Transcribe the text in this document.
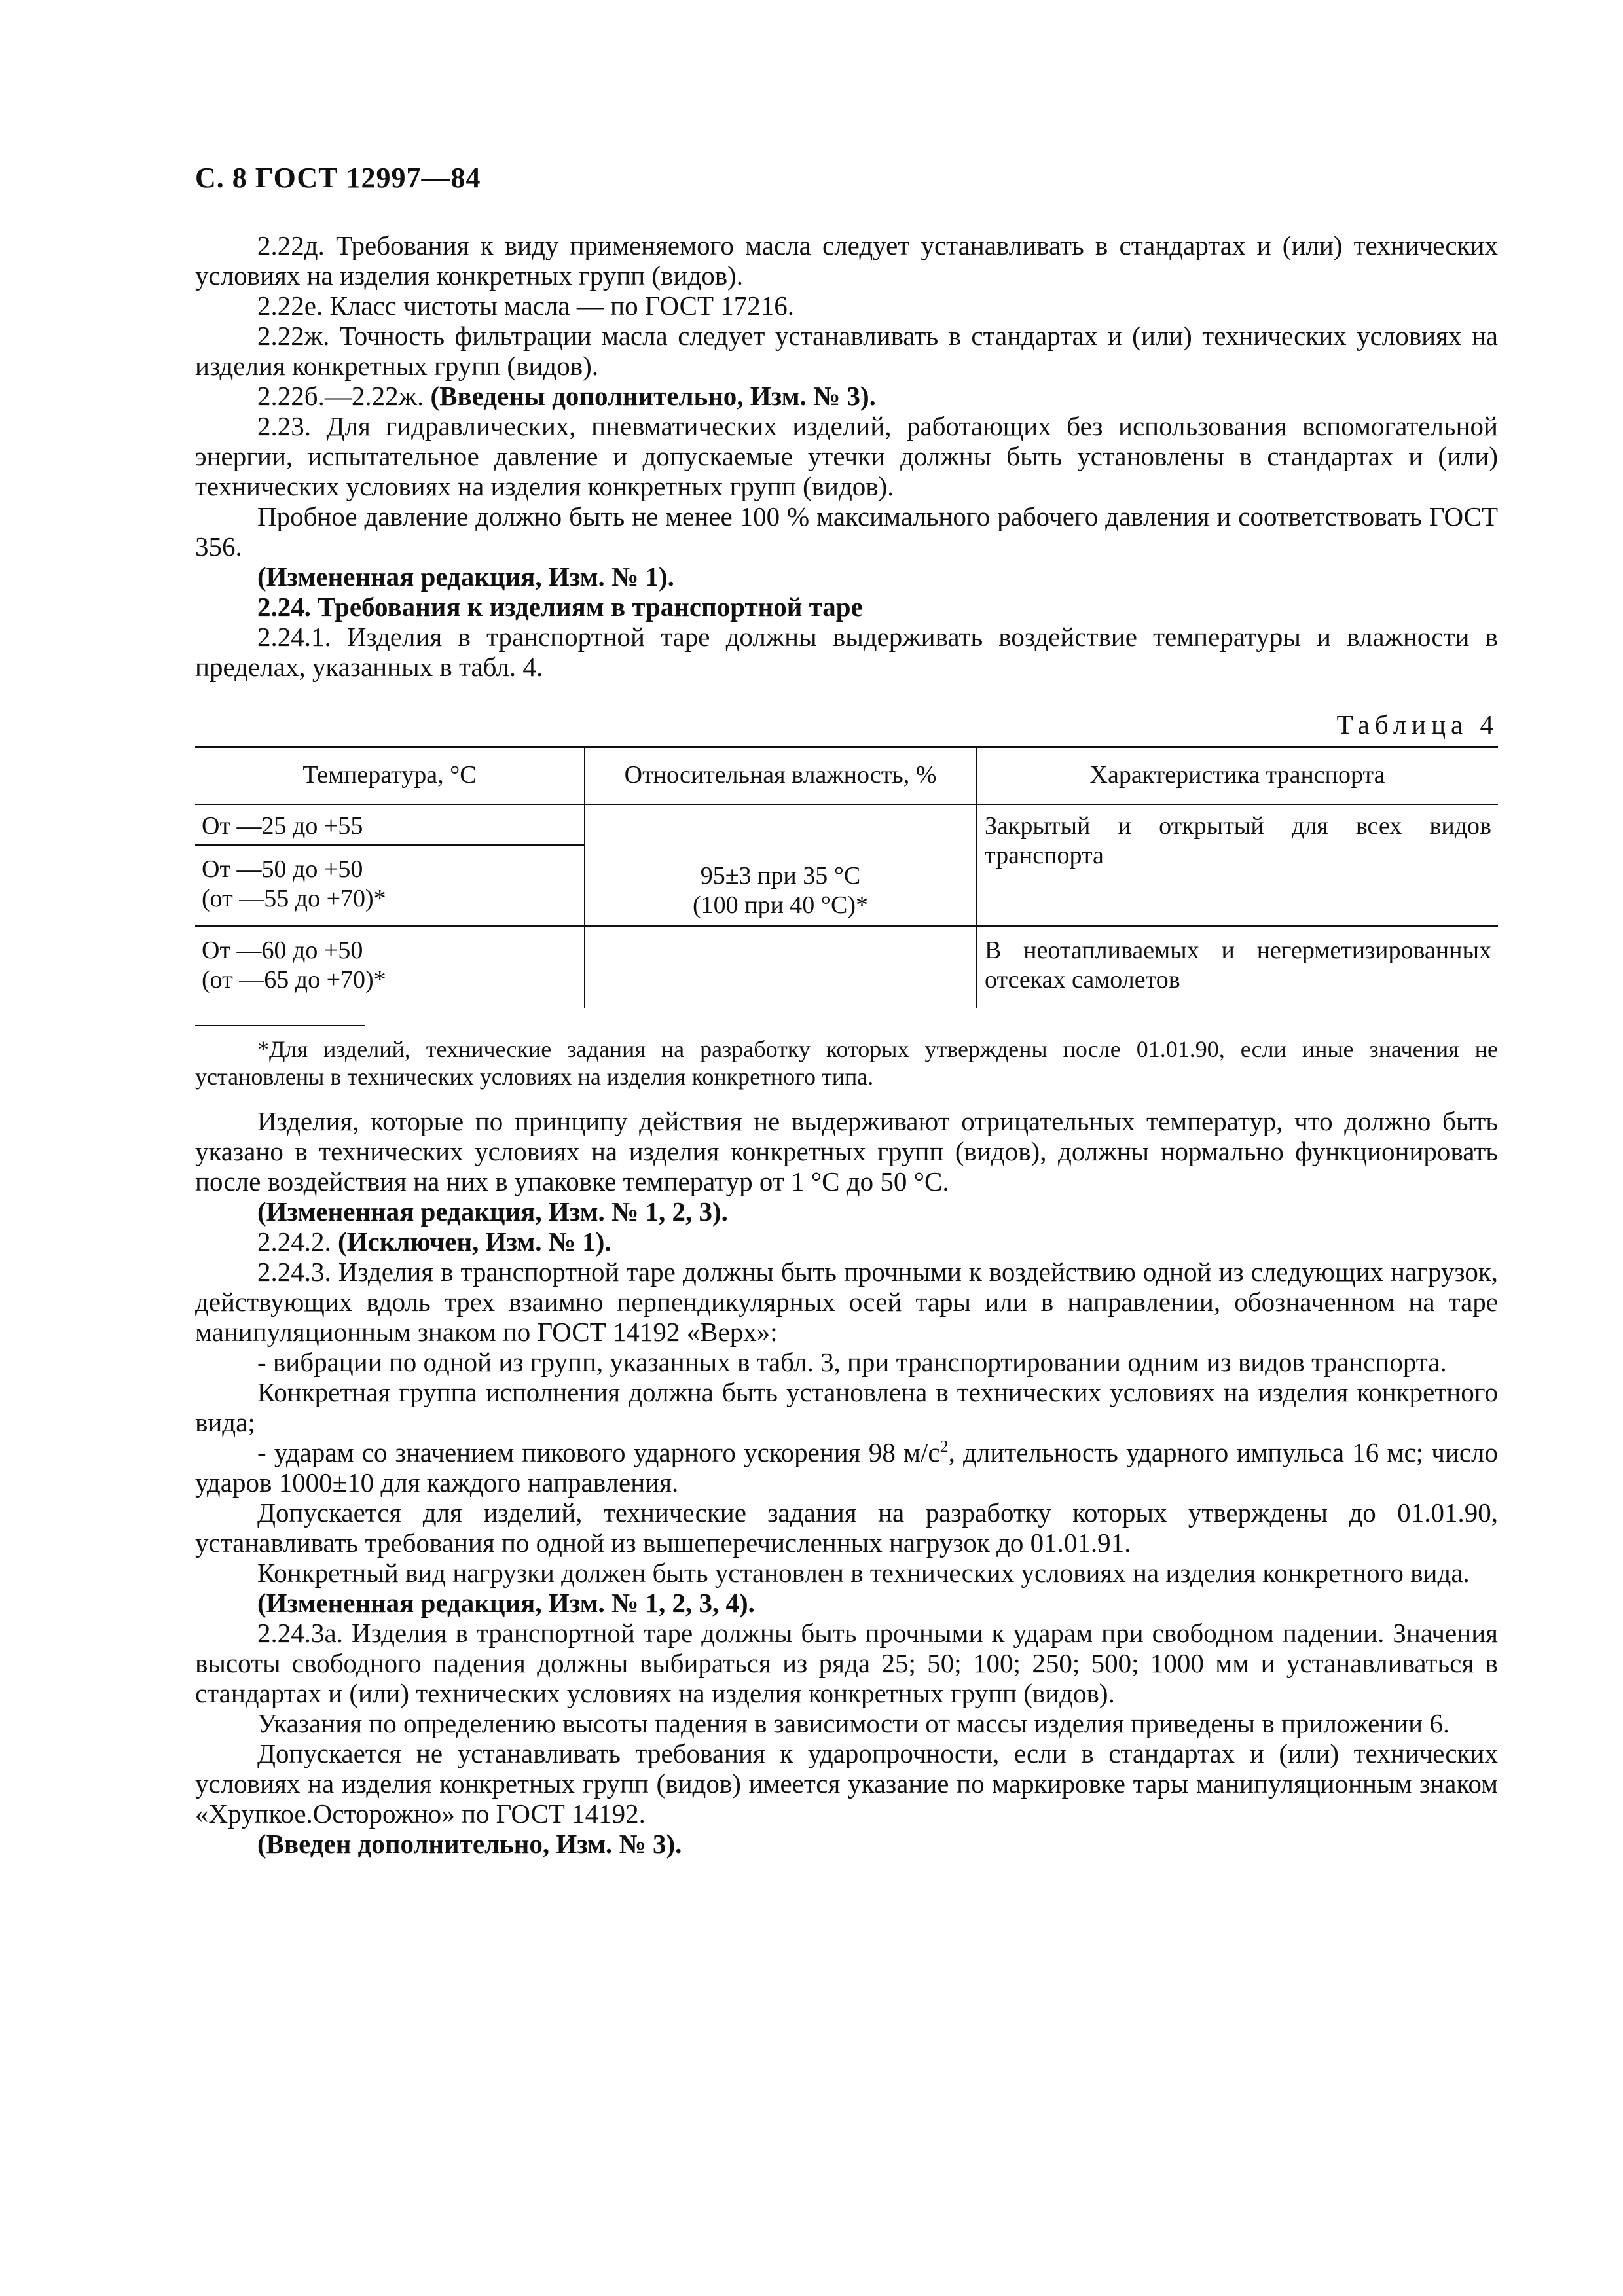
С. 8 ГОСТ 12997—84

2.22д. Требования к виду применяемого масла следует устанавливать в стандартах и (или) технических условиях на изделия конкретных групп (видов).

2.22е. Класс чистоты масла — по ГОСТ 17216.

2.22ж. Точность фильтрации масла следует устанавливать в стандартах и (или) технических условиях на изделия конкретных групп (видов).

2.22б.—2.22ж. (Введены дополнительно, Изм. № 3).

2.23. Для гидравлических, пневматических изделий, работающих без использования вспомогательной энергии, испытательное давление и допускаемые утечки должны быть установлены в стандартах и (или) технических условиях на изделия конкретных групп (видов).

Пробное давление должно быть не менее 100 % максимального рабочего давления и соответствовать ГОСТ 356.

(Измененная редакция, Изм. № 1).

2.24. Требования к изделиям в транспортной таре

2.24.1. Изделия в транспортной таре должны выдерживать воздействие температуры и влажности в пределах, указанных в табл. 4.

Таблица 4
Температура, °С	Относительная влажность, %	Характеристика транспорта
От —25 до +55
От —50 до +50
(от —55 до +70)*
От —60 до +50
(от —65 до +70)*
95±3 при 35 °С
(100 при 40 °С)*
Закрытый и открытый для всех видов транспорта
В неотапливаемых и негерметизированных отсеках самолетов
*Для изделий, технические задания на разработку которых утверждены после 01.01.90, если иные значения не установлены в технических условиях на изделия конкретного типа.

Изделия, которые по принципу действия не выдерживают отрицательных температур, что должно быть указано в технических условиях на изделия конкретных групп (видов), должны нормально функционировать после воздействия на них в упаковке температур от 1 °С до 50 °С.

(Измененная редакция, Изм. № 1, 2, 3).

2.24.2. (Исключен, Изм. № 1).

2.24.3. Изделия в транспортной таре должны быть прочными к воздействию одной из следующих нагрузок, действующих вдоль трех взаимно перпендикулярных осей тары или в направлении, обозначенном на таре манипуляционным знаком по ГОСТ 14192 «Верх»:

- вибрации по одной из групп, указанных в табл. 3, при транспортировании одним из видов транспорта.

Конкретная группа исполнения должна быть установлена в технических условиях на изделия конкретного вида;

- ударам со значением пикового ударного ускорения 98 $м/с^2$, длительность ударного импульса 16 мс; число ударов 1000±10 для каждого направления.

Допускается для изделий, технические задания на разработку которых утверждены до 01.01.90, устанавливать требования по одной из вышеперечисленных нагрузок до 01.01.91.

Конкретный вид нагрузки должен быть установлен в технических условиях на изделия конкретного вида.

(Измененная редакция, Изм. № 1, 2, 3, 4).

2.24.3а. Изделия в транспортной таре должны быть прочными к ударам при свободном падении. Значения высоты свободного падения должны выбираться из ряда 25; 50; 100; 250; 500; 1000 мм и устанавливаться в стандартах и (или) технических условиях на изделия конкретных групп (видов).

Указания по определению высоты падения в зависимости от массы изделия приведены в приложении 6.

Допускается не устанавливать требования к ударопрочности, если в стандартах и (или) технических условиях на изделия конкретных групп (видов) имеется указание по маркировке тары манипуляционным знаком «Хрупкое.Осторожно» по ГОСТ 14192.

(Введен дополнительно, Изм. № 3).
